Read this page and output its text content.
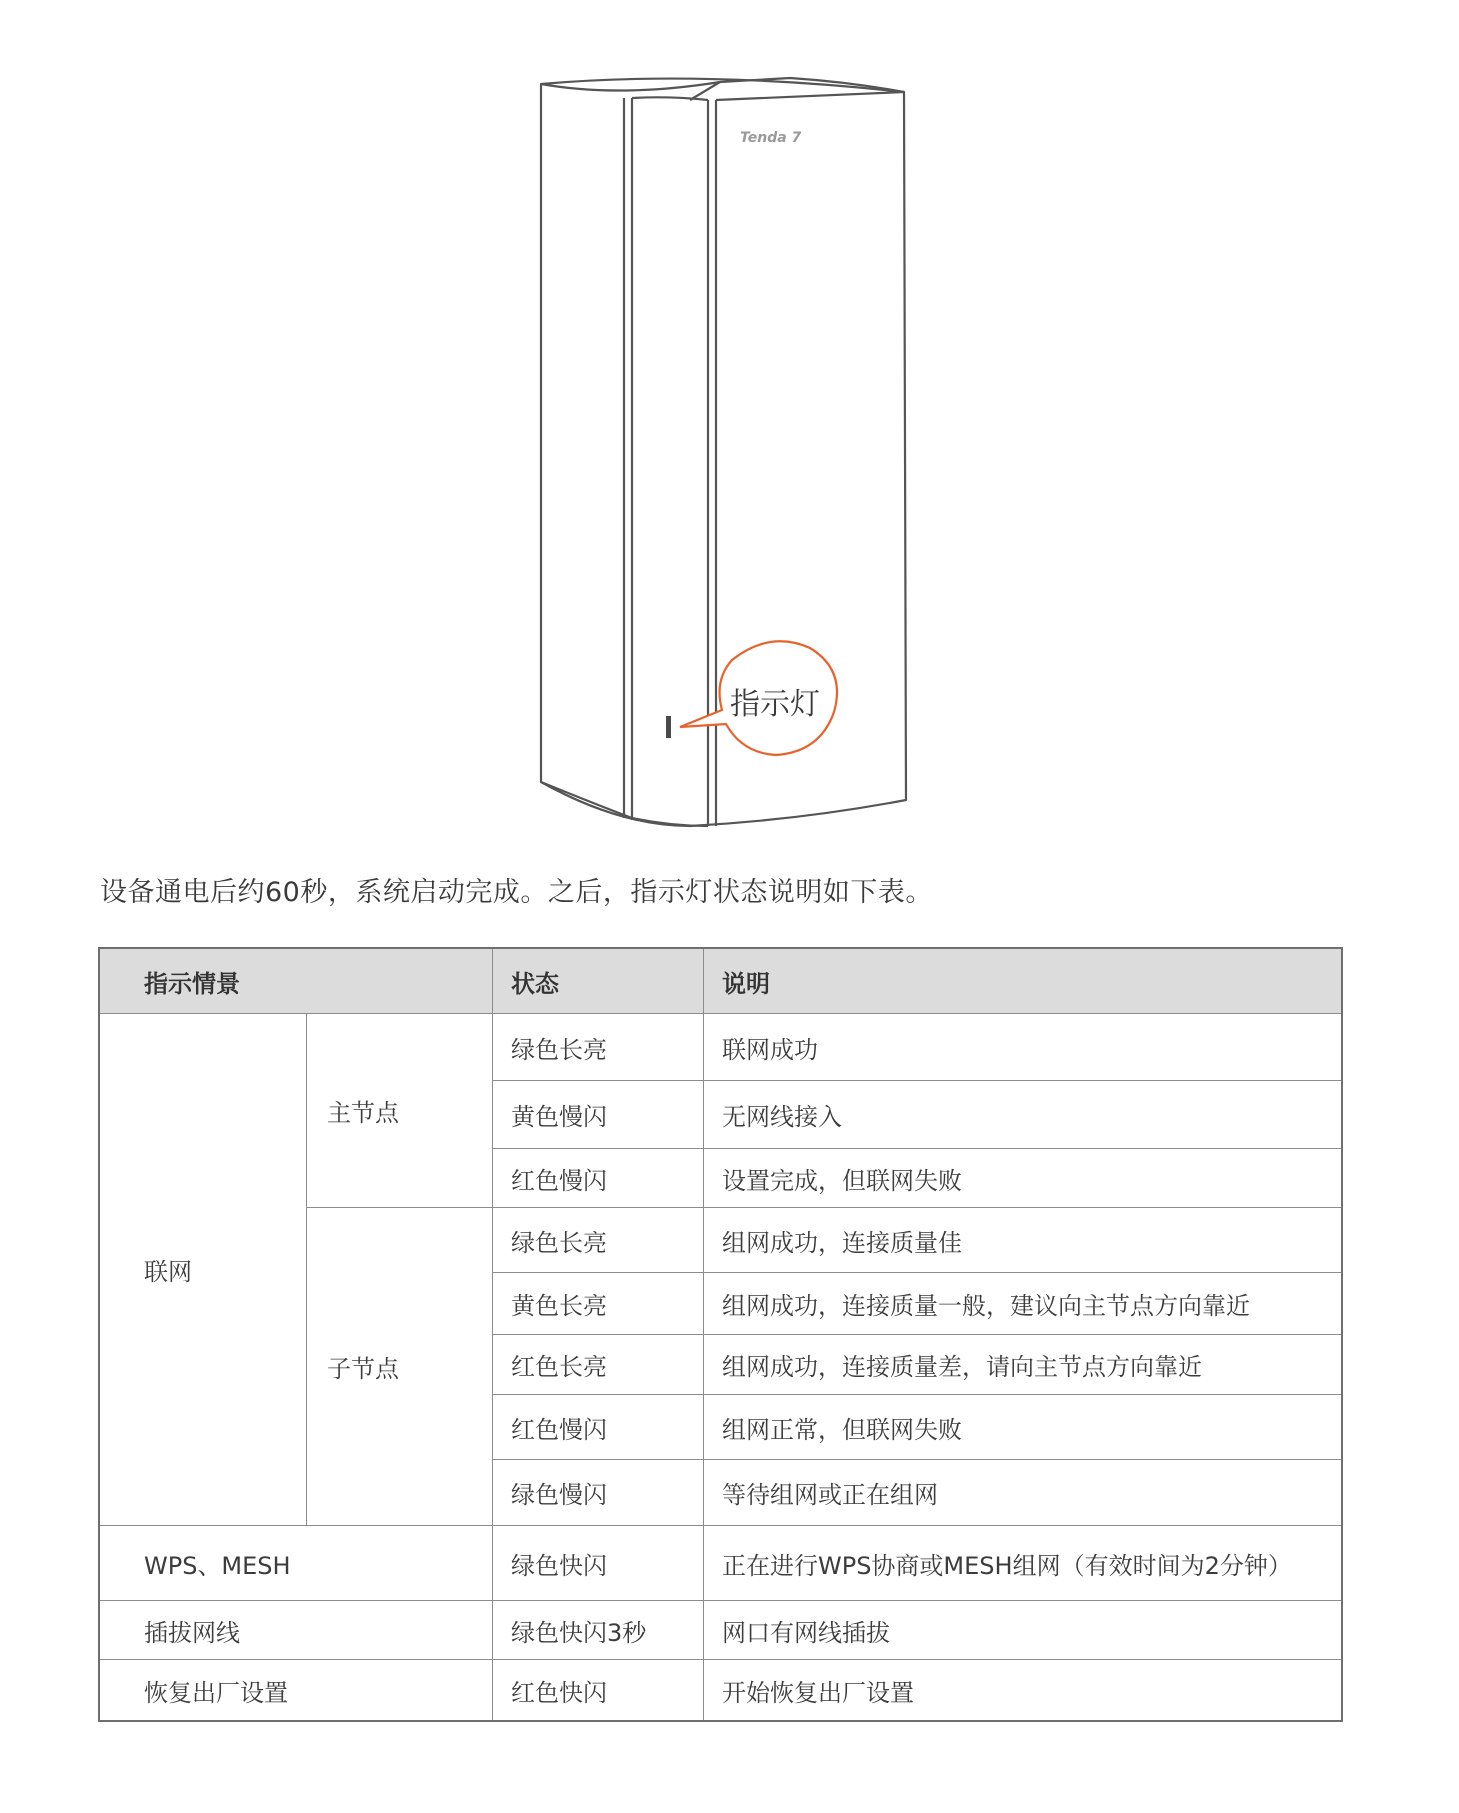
指示灯
Tenda 7
设备通电后约60秒，系统启动完成。之后，指示灯状态说明如下表。
指示情景		状态	说明
联网	主节点	绿色长亮	联网成功
		黄色慢闪	无网线接入
		红色慢闪	设置完成，但联网失败
	子节点	绿色长亮	组网成功，连接质量佳
		黄色长亮	组网成功，连接质量一般，建议向主节点方向靠近
		红色长亮	组网成功，连接质量差，请向主节点方向靠近
		红色慢闪	组网正常，但联网失败
		绿色慢闪	等待组网或正在组网
WPS、MESH		绿色快闪	正在进行WPS协商或MESH组网（有效时间为2分钟）
插拔网线		绿色快闪3秒	网口有网线插拔
恢复出厂设置		红色快闪	开始恢复出厂设置
